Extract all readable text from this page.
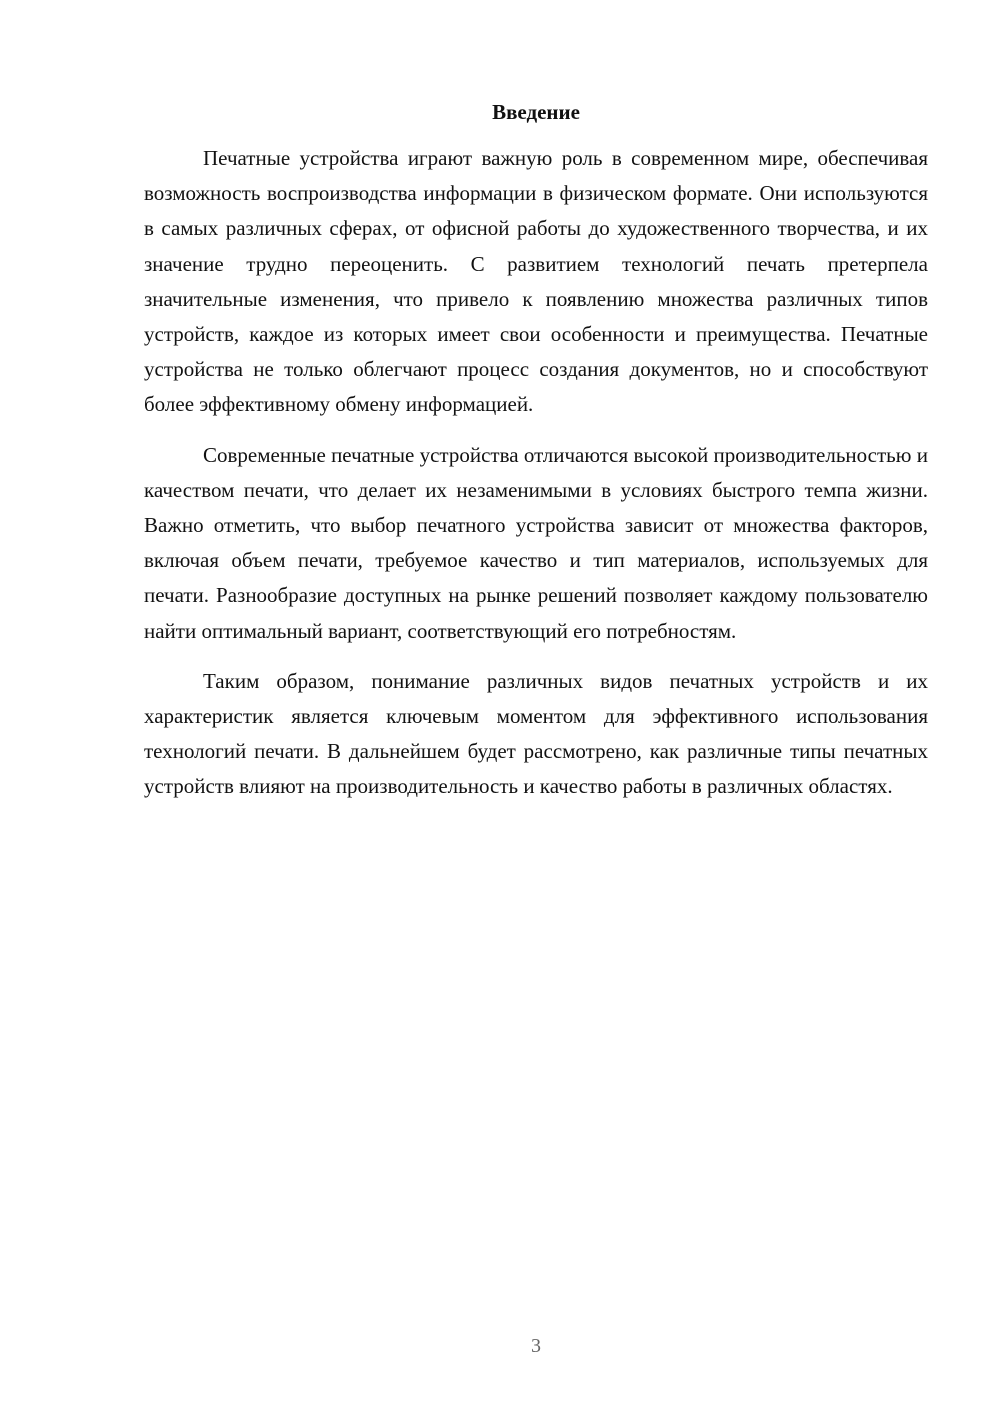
Введение

Печатные устройства играют важную роль в современном мире, обеспечивая возможность воспроизводства информации в физическом формате. Они используются в самых различных сферах, от офисной работы до художественного творчества, и их значение трудно переоценить. С развитием технологий печать претерпела значительные изменения, что привело к появлению множества различных типов устройств, каждое из которых имеет свои особенности и преимущества. Печатные устройства не только облегчают процесс создания документов, но и способствуют более эффективному обмену информацией.

Современные печатные устройства отличаются высокой производительностью и качеством печати, что делает их незаменимыми в условиях быстрого темпа жизни. Важно отметить, что выбор печатного устройства зависит от множества факторов, включая объем печати, требуемое качество и тип материалов, используемых для печати. Разнообразие доступных на рынке решений позволяет каждому пользователю найти оптимальный вариант, соответствующий его потребностям.

Таким образом, понимание различных видов печатных устройств и их характеристик является ключевым моментом для эффективного использования технологий печати. В дальнейшем будет рассмотрено, как различные типы печатных устройств влияют на производительность и качество работы в различных областях.

3
